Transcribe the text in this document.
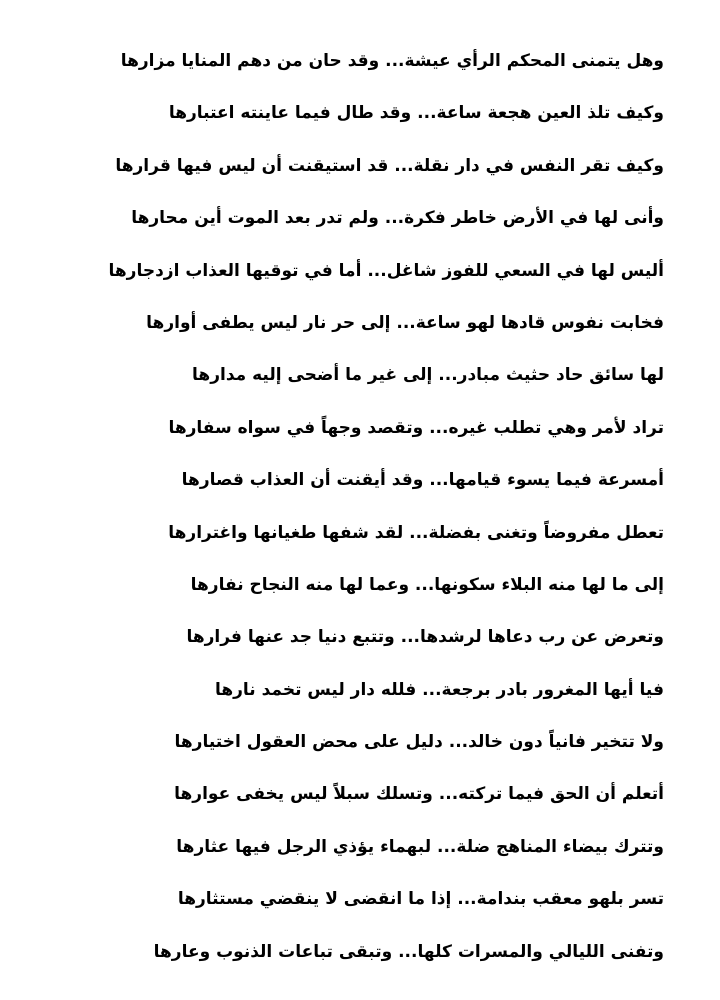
وهل يتمنى المحكم الرأي عيشة... وقد حان من دهم المنايا مزارها
وكيف تلذ العين هجعة ساعة... وقد طال فيما عاينته اعتبارها
وكيف تقر النفس في دار نقلة... قد استيقنت أن ليس فيها قرارها
وأنى لها في الأرض خاطر فكرة... ولم تدر بعد الموت أين محارها
أليس لها في السعي للفوز شاغل... أما في توقيها العذاب ازدجارها
فخابت نفوس قادها لهو ساعة... إلى حر نار ليس يطفى أوارها
لها سائق حاد حثيث مبادر... إلى غير ما أضحى إليه مدارها
تراد لأمر وهي تطلب غيره... وتقصد وجهاً في سواه سفارها
أمسرعة فيما يسوء قيامها... وقد أيقنت أن العذاب قصارها
تعطل مفروضاً وتغنى بفضلة... لقد شفها طغيانها واغترارها
إلى ما لها منه البلاء سكونها... وعما لها منه النجاح نفارها
وتعرض عن رب دعاها لرشدها... وتتبع دنيا جد عنها فرارها
فيا أيها المغرور بادر برجعة... فلله دار ليس تخمد نارها
ولا تتخير فانياً دون خالد... دليل على محض العقول اختيارها
أتعلم أن الحق فيما تركته... وتسلك سبلاً ليس يخفى عوارها
وتترك بيضاء المناهج ضلة... لبهماء يؤذي الرجل فيها عثارها
تسر بلهو معقب بندامة... إذا ما انقضى لا ينقضي مستثارها
وتفنى الليالي والمسرات كلها... وتبقى تباعات الذنوب وعارها
